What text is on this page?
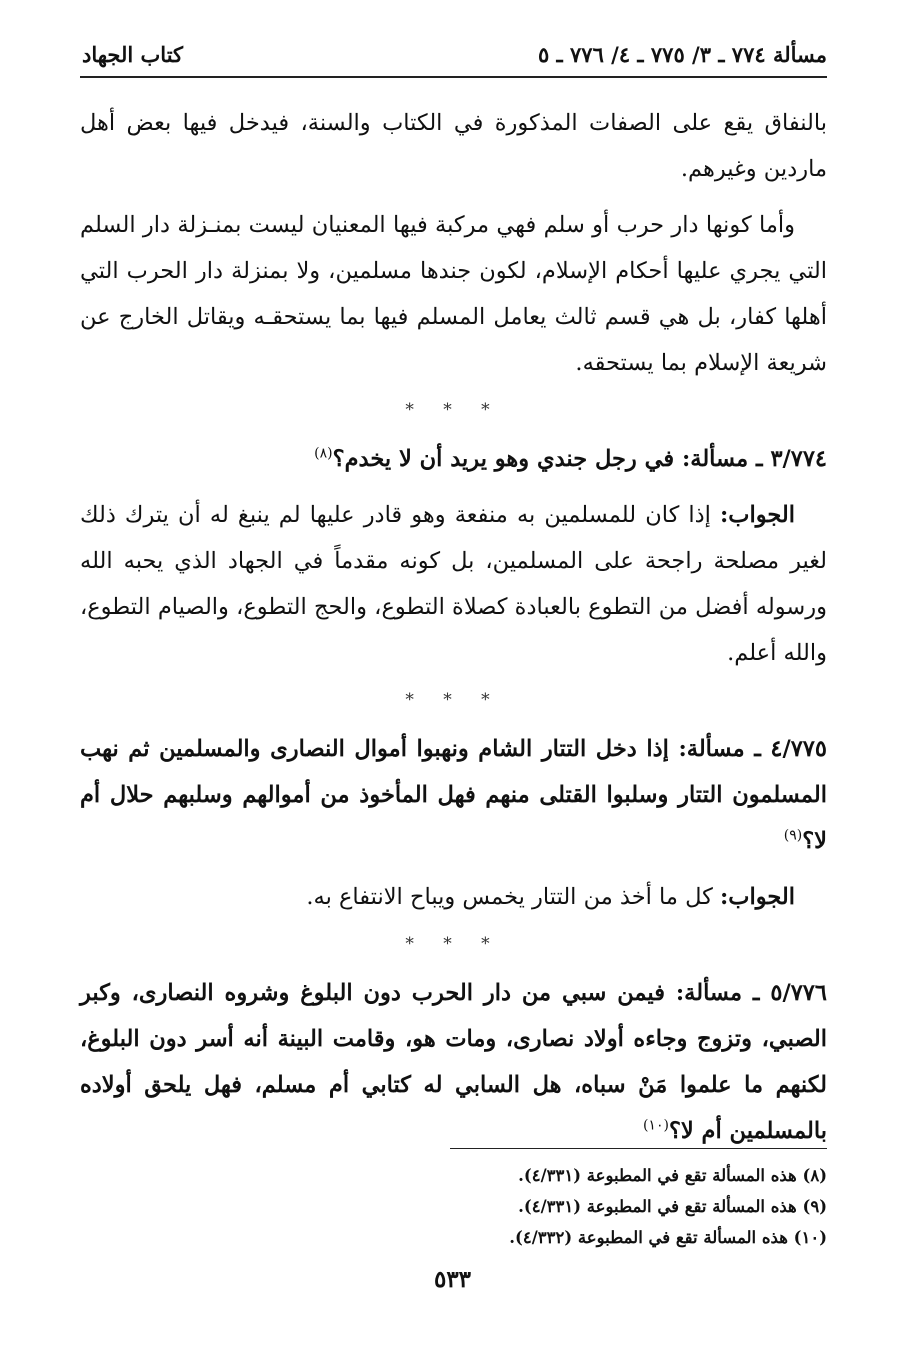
مسألة ٧٧٤ ـ ٣/ ٧٧٥ ـ ٤/ ٧٧٦ ـ ٥
كتاب الجهاد

بالنفاق يقع على الصفات المذكورة في الكتاب والسنة، فيدخل فيها بعض أهل ماردين وغيرهم.

وأما كونها دار حرب أو سلم فهي مركبة فيها المعنيان ليست بمنـزلة دار السلم التي يجري عليها أحكام الإسلام، لكون جندها مسلمين، ولا بمنزلة دار الحرب التي أهلها كفار، بل هي قسم ثالث يعامل المسلم فيها بما يستحقـه ويقاتل الخارج عن شريعة الإسلام بما يستحقه.

* * *

٣/٧٧٤ ـ مسألة: في رجل جندي وهو يريد أن لا يخدم؟$^{(٨)}$

الجواب: إذا كان للمسلمين به منفعة وهو قادر عليها لم ينبغ له أن يترك ذلك لغير مصلحة راجحة على المسلمين، بل كونه مقدماً في الجهاد الذي يحبه الله ورسوله أفضل من التطوع بالعبادة كصلاة التطوع، والحج التطوع، والصيام التطوع، والله أعلم.

* * *

٤/٧٧٥ ـ مسألة: إذا دخل التتار الشام ونهبوا أموال النصارى والمسلمين ثم نهب المسلمون التتار وسلبوا القتلى منهم فهل المأخوذ من أموالهم وسلبهم حلال أم لا؟$^{(٩)}$

الجواب: كل ما أخذ من التتار يخمس ويباح الانتفاع به.

* * *

٥/٧٧٦ ـ مسألة: فيمن سبي من دار الحرب دون البلوغ وشروه النصارى، وكبر الصبي، وتزوج وجاءه أولاد نصارى، ومات هو، وقامت البينة أنه أسر دون البلوغ، لكنهم ما علموا مَنْ سباه، هل السابي له كتابي أم مسلم، فهل يلحق أولاده بالمسلمين أم لا؟$^{(١٠)}$

(٨) هذه المسألة تقع في المطبوعة (٤/٣٣١).
(٩) هذه المسألة تقع في المطبوعة (٤/٣٣١).
(١٠) هذه المسألة تقع في المطبوعة (٤/٣٣٢).
٥٣٣
